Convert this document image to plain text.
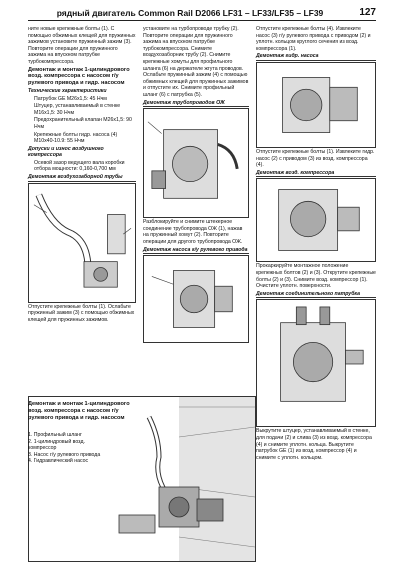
рядный двигатель Common Rail D2066 LF31 – LF33/LF35 – LF39	127

ните новые крепежные болты (1). С помощью обжимных клещей для пружинных зажимов установите пружинный зажим (3). Повторите операции для пружинного зажима на впускном патрубке турбокомпрессора.

Демонтаж и монтаж 1-цилиндрового возд. компрессора с насосом г/у рулевого привода и гидр. насосом

Технические характеристики

Патрубок GE M26x1,5: 45 Нчм

Штуцер, устанавливаемый в стенке M16x1,5: 30 Нчм

Предохранительный клапан M26x1,5: 90 Нчм

Крепежные болты гидр. насоса (4) M10x40-10.9: 55 Нчм

Допуски и износ воздушного компрессора

Осевой зазор ведущего вала коробки отбора мощности: 0,160-0,700 мм

Демонтаж воздухозаборной трубы

Отпустите крепежные болты (1). Ослабьте пружинный зажим (3) с помощью обжимных клещей для пружинных зажимов.

Демонтаж и монтаж 1-цилиндрового возд. компрессора с насосом г/у рулевого привода и гидр. насосом

1. Профильный шланг

2. 1-цилиндровый возд. компрессор

3. Насос г/у рулевого привода

4. Гидравлический насос

установите на турбопроводе трубку (2). Повторите операции для пружинного зажима на впускном патрубке турбокомпрессора. Снимите воздухозаборник трубу (2). Снимите крепежные хомуты для профильного шланга (6) на держателе жгута проводов. Ослабьте пружинный зажим (4) с помощью обжимных клещей для пружинных зажимов и отпустите их. Снимите профильный шланг (6) с патрубка (5).

Демонтаж трубопроводов ОЖ

Разблокируйте и снимите штекерное соединение трубопровода ОЖ (1), нажав на пружинный хомут (2). Повторите операции для другого трубопровода ОЖ.

Демонтаж насоса г/у рулевого привода

Отпустите крепежные болты (4). Извлеките насос (3) г/у рулевого привода с приводом (2) и уплотн. кольцом круглого сечения из возд. компрессора (1).

Демонтаж гидр. насоса

Отпустите крепежные болты (1). Извлеките гидр. насос (2) с приводом (3) из возд. компрессора (4).

Демонтаж возд. компрессора

Прокаркируйте монтажное положение крепежных болтов (2) и (3). Открутите крепежные болты (2) и (3). Снимите возд. компрессор (1). Очистите уплотн. поверхности.

Демонтаж соединительного патрубка

Выкрутите штуцер, устанавливаемый в стенке, для подачи (2) и слива (3) из возд. компрессора (4) и снимите уплотн. кольца. Выкрутите патрубок GE (1) из возд. компрессор (4) и снимите с уплотн. кольцом.
